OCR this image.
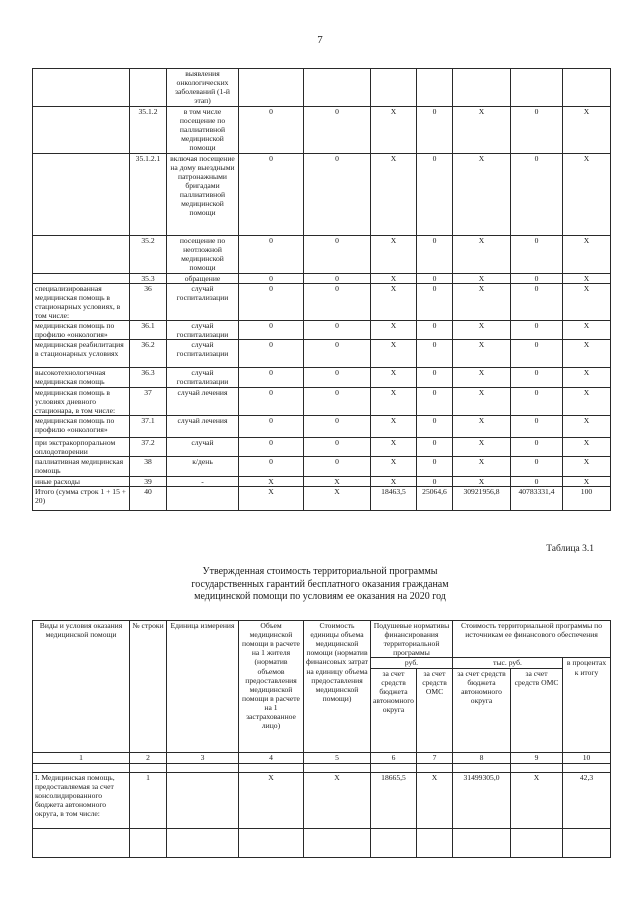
7
		выявления онкологических заболеваний (1-й этап)							
	35.1.2	в том числе посещение по паллиативной медицинской помощи	0	0	X	0	X	0	X
	35.1.2.1	включая посещение на дому выездными патронажными бригадами паллиативной медицинской помощи	0	0	X	0	X	0	X
	35.2	посещение по неотложной медицинской помощи	0	0	X	0	X	0	X
	35.3	обращение	0	0	X	0	X	0	X
специализированная медицинская помощь в стационарных условиях, в том числе:	36	случай госпитализации	0	0	X	0	X	0	X
медицинская помощь по профилю «онкология»	36.1	случай госпитализации	0	0	X	0	X	0	X
медицинская реабилитация в стационарных условиях	36.2	случай госпитализации	0	0	X	0	X	0	X
высокотехнологичная медицинская помощь	36.3	случай госпитализации	0	0	X	0	X	0	X
медицинская помощь в условиях дневного стационара, в том числе:	37	случай лечения	0	0	X	0	X	0	X
медицинская помощь по профилю «онкология»	37.1	случай лечения	0	0	X	0	X	0	X
при экстракорпоральном оплодотворении	37.2	случай	0	0	X	0	X	0	X
паллиативная медицинская помощь	38	к/день	0	0	X	0	X	0	X
иные расходы	39	-	X	X	X	0	X	0	X
Итого (сумма строк 1 + 15 + 20)	40		X	X	18463,5	25064,6	30921956,8	40783331,4	100
Таблица 3.1
Утвержденная стоимость территориальной программы
государственных гарантий бесплатного оказания гражданам
медицинской помощи по условиям ее оказания на 2020 год
Виды и условия оказания медицинской помощи	№ строки	Единица измерения	Объем медицинской помощи в расчете на 1 жителя (норматив объемов предоставления медицинской помощи в расчете на 1 застрахованное лицо)	Стоимость единицы объема медицинской помощи (норматив финансовых затрат на единицу объема предоставления медицинской помощи)	Подушевые нормативы финансирования территориальной программы		Стоимость территориальной программы по источникам ее финансового обеспечения		
					руб.		тыс. руб.		в процентах к итогу
					за счет средств бюджета автономного округа	за счет средств ОМС	за счет средств бюджета автономного округа	за счет средств ОМС	
1	2	3	4	5	6	7	8	9	10

I. Медицинская помощь, предоставляемая за счет консолидированного бюджета автономного округа, в том числе:	1		X	X	18665,5	X	31499305,0	X	42,3
